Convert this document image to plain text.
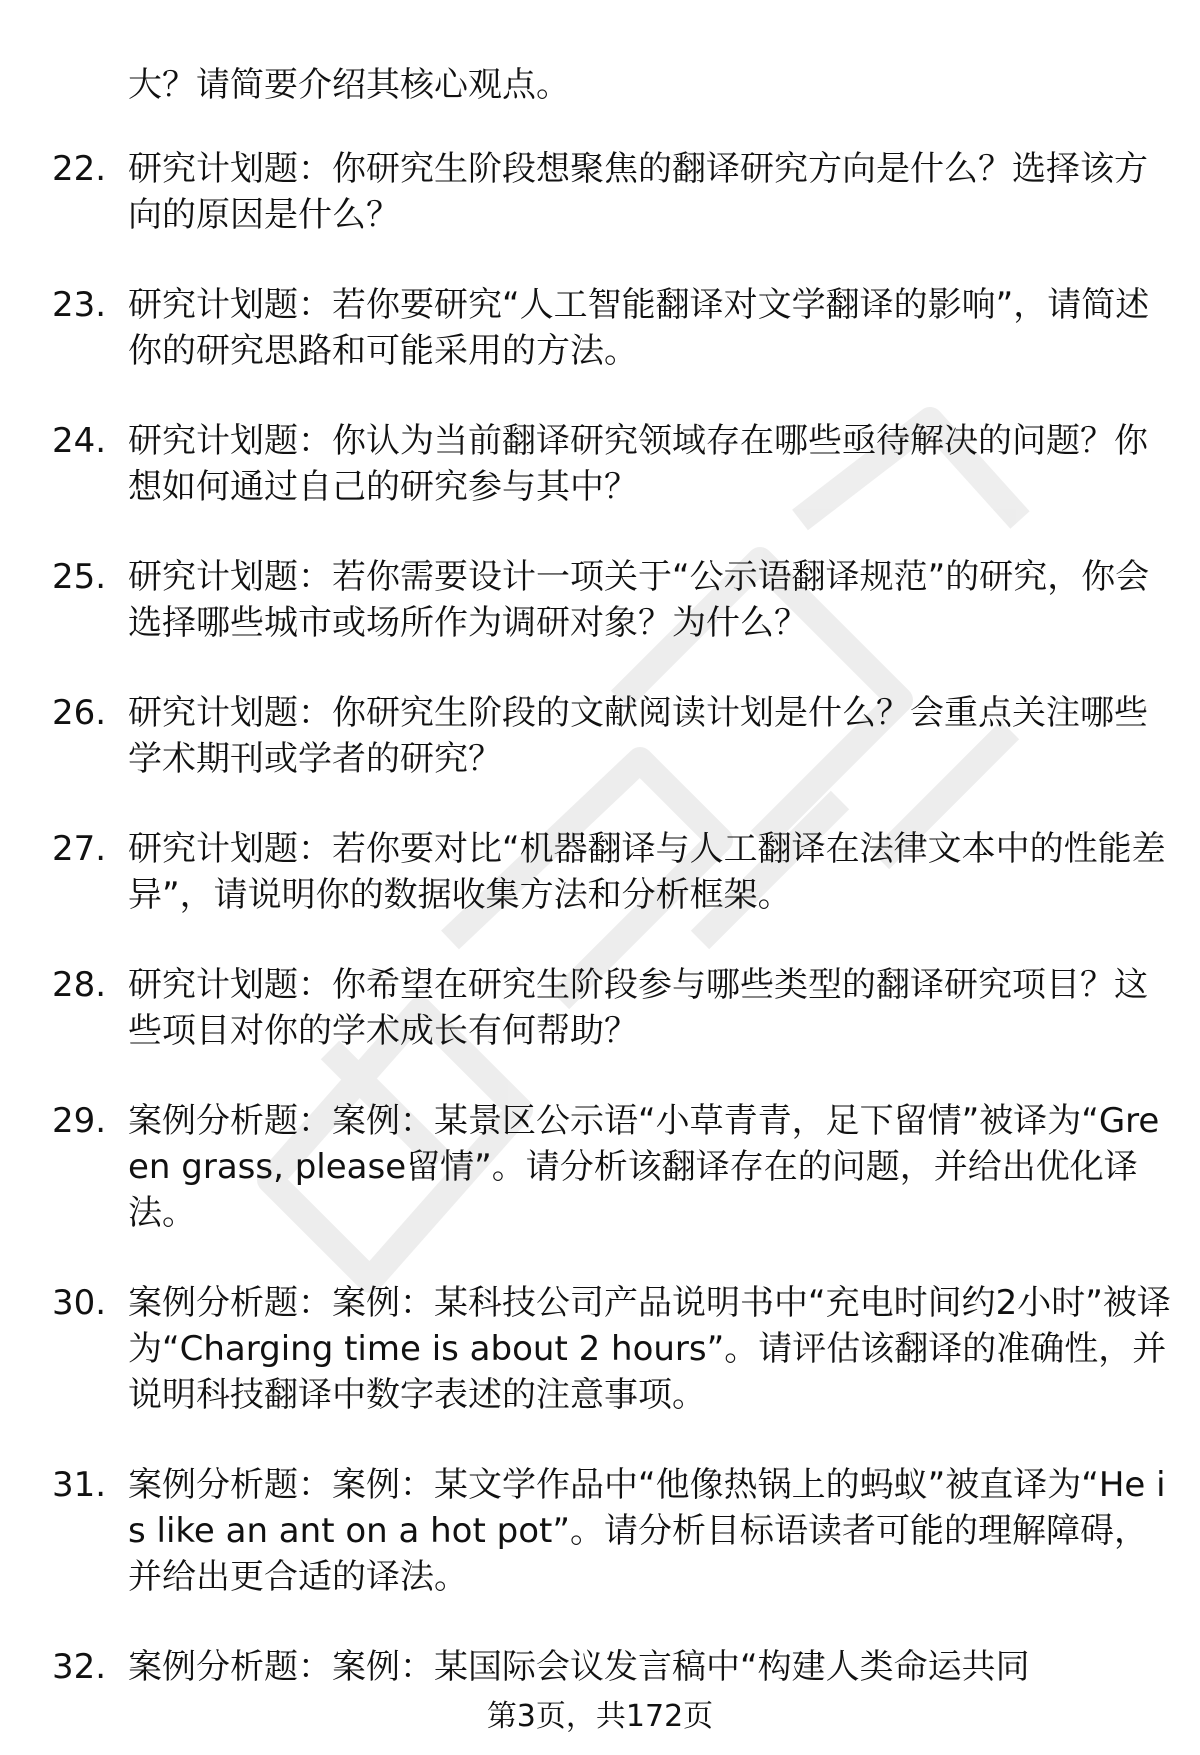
大？请简要介绍其核心观点。
22. 研究计划题：你研究生阶段想聚焦的翻译研究方向是什么？选择该方向的原因是什么？
23. 研究计划题：若你要研究“人工智能翻译对文学翻译的影响”，请简述你的研究思路和可能采用的方法。
24. 研究计划题：你认为当前翻译研究领域存在哪些亟待解决的问题？你想如何通过自己的研究参与其中？
25. 研究计划题：若你需要设计一项关于“公示语翻译规范”的研究，你会选择哪些城市或场所作为调研对象？为什么？
26. 研究计划题：你研究生阶段的文献阅读计划是什么？会重点关注哪些学术期刊或学者的研究？
27. 研究计划题：若你要对比“机器翻译与人工翻译在法律文本中的性能差异”，请说明你的数据收集方法和分析框架。
28. 研究计划题：你希望在研究生阶段参与哪些类型的翻译研究项目？这些项目对你的学术成长有何帮助？
29. 案例分析题：案例：某景区公示语“小草青青，足下留情”被译为“Green grass, please留情”。请分析该翻译存在的问题，并给出优化译法。
30. 案例分析题：案例：某科技公司产品说明书中“充电时间约2小时”被译为“Charging time is about 2 hours”。请评估该翻译的准确性，并说明科技翻译中数字表述的注意事项。
31. 案例分析题：案例：某文学作品中“他像热锅上的蚂蚁”被直译为“He is like an ant on a hot pot”。请分析目标语读者可能的理解障碍，并给出更合适的译法。
32. 案例分析题：案例：某国际会议发言稿中“构建人类命运共同
第3页，共172页
